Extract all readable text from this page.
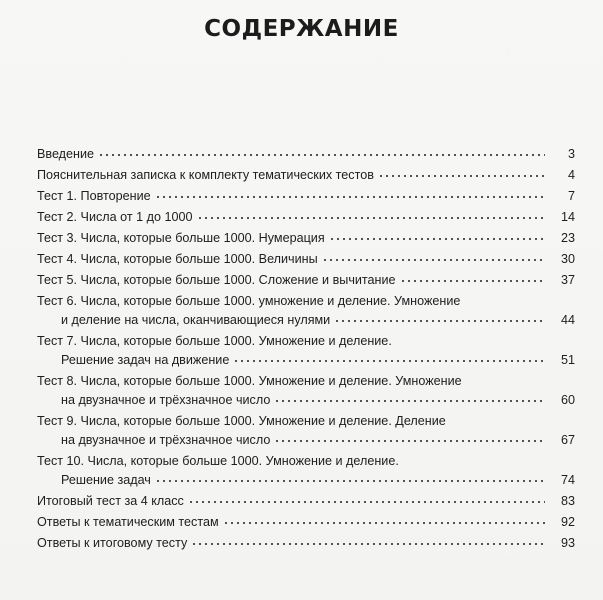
СОДЕРЖАНИЕ
Введение	3
Пояснительная записка к комплекту тематических тестов	4
Тест 1. Повторение	7
Тест 2. Числа от 1 до 1000	14
Тест 3. Числа, которые больше 1000. Нумерация	23
Тест 4. Числа, которые больше 1000. Величины	30
Тест 5. Числа, которые больше 1000. Сложение и вычитание	37
Тест 6. Числа, которые больше 1000. умножение и деление. Умножение
и деление на числа, оканчивающиеся нулями	44
Тест 7. Числа, которые больше 1000. Умножение и деление.
Решение задач на движение	51
Тест 8. Числа, которые больше 1000. Умножение и деление. Умножение
на двузначное и трёхзначное число	60
Тест 9. Числа, которые больше 1000. Умножение и деление. Деление
на двузначное и трёхзначное число	67
Тест 10. Числа, которые больше 1000. Умножение и деление.
Решение задач	74
Итоговый тест за 4 класс	83
Ответы к тематическим тестам	92
Ответы к итоговому тесту	93
